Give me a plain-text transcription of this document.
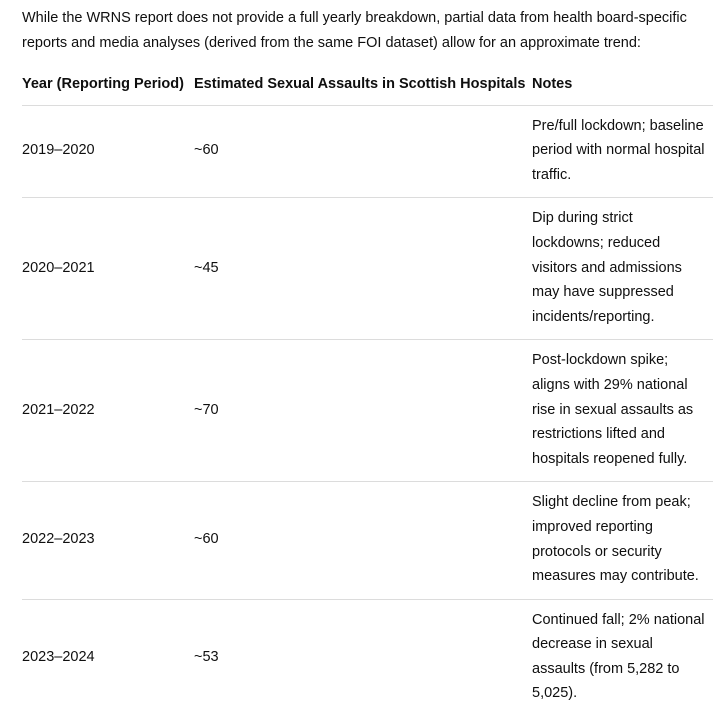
While the WRNS report does not provide a full yearly breakdown, partial data from health board-specific reports and media analyses (derived from the same FOI dataset) allow for an approximate trend:

Year (Reporting Period)	Estimated Sexual Assaults in Scottish Hospitals	Notes
2019–2020	~60	Pre/full lockdown; baseline period with normal hospital traffic.
2020–2021	~45	Dip during strict lockdowns; reduced visitors and admissions may have suppressed incidents/reporting.
2021–2022	~70	Post-lockdown spike; aligns with 29% national rise in sexual assaults as restrictions lifted and hospitals reopened fully.
2022–2023	~60	Slight decline from peak; improved reporting protocols or security measures may contribute.
2023–2024	~53	Continued fall; 2% national decrease in sexual assaults (from 5,282 to 5,025).
